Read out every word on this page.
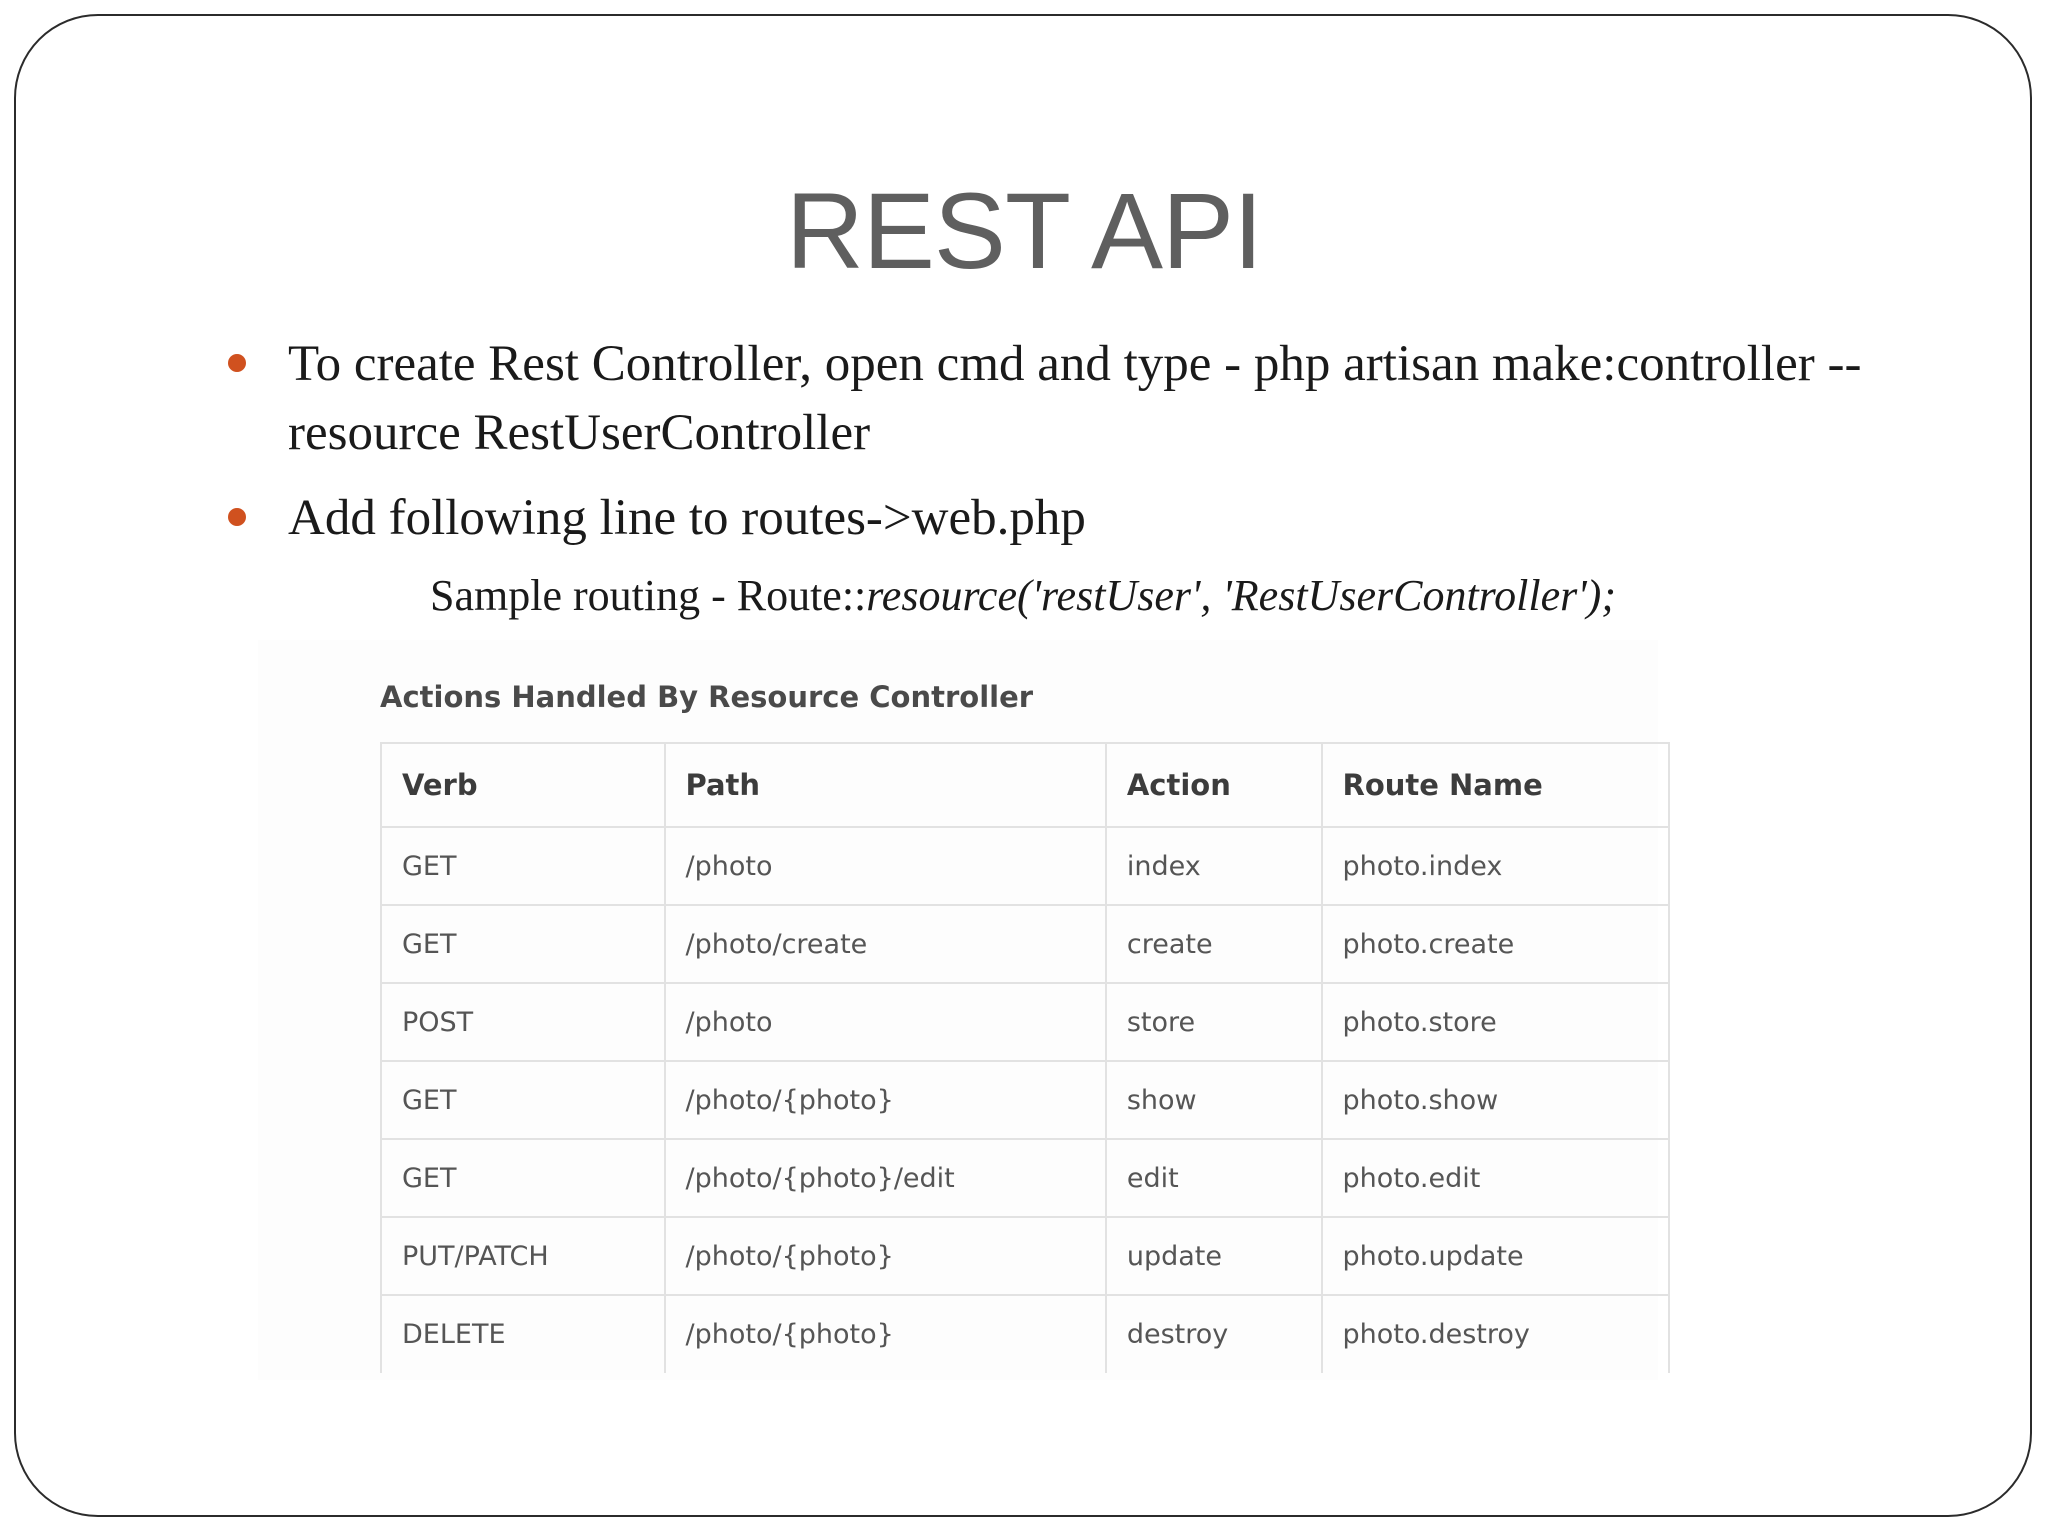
REST API
To create Rest Controller, open cmd and type - php artisan make:controller --resource RestUserController
Add following line to routes->web.php
Sample routing - Route::resource('restUser', 'RestUserController');
Actions Handled By Resource Controller
Verb	Path	Action	Route Name
GET	/photo	index	photo.index
GET	/photo/create	create	photo.create
POST	/photo	store	photo.store
GET	/photo/{photo}	show	photo.show
GET	/photo/{photo}/edit	edit	photo.edit
PUT/PATCH	/photo/{photo}	update	photo.update
DELETE	/photo/{photo}	destroy	photo.destroy
